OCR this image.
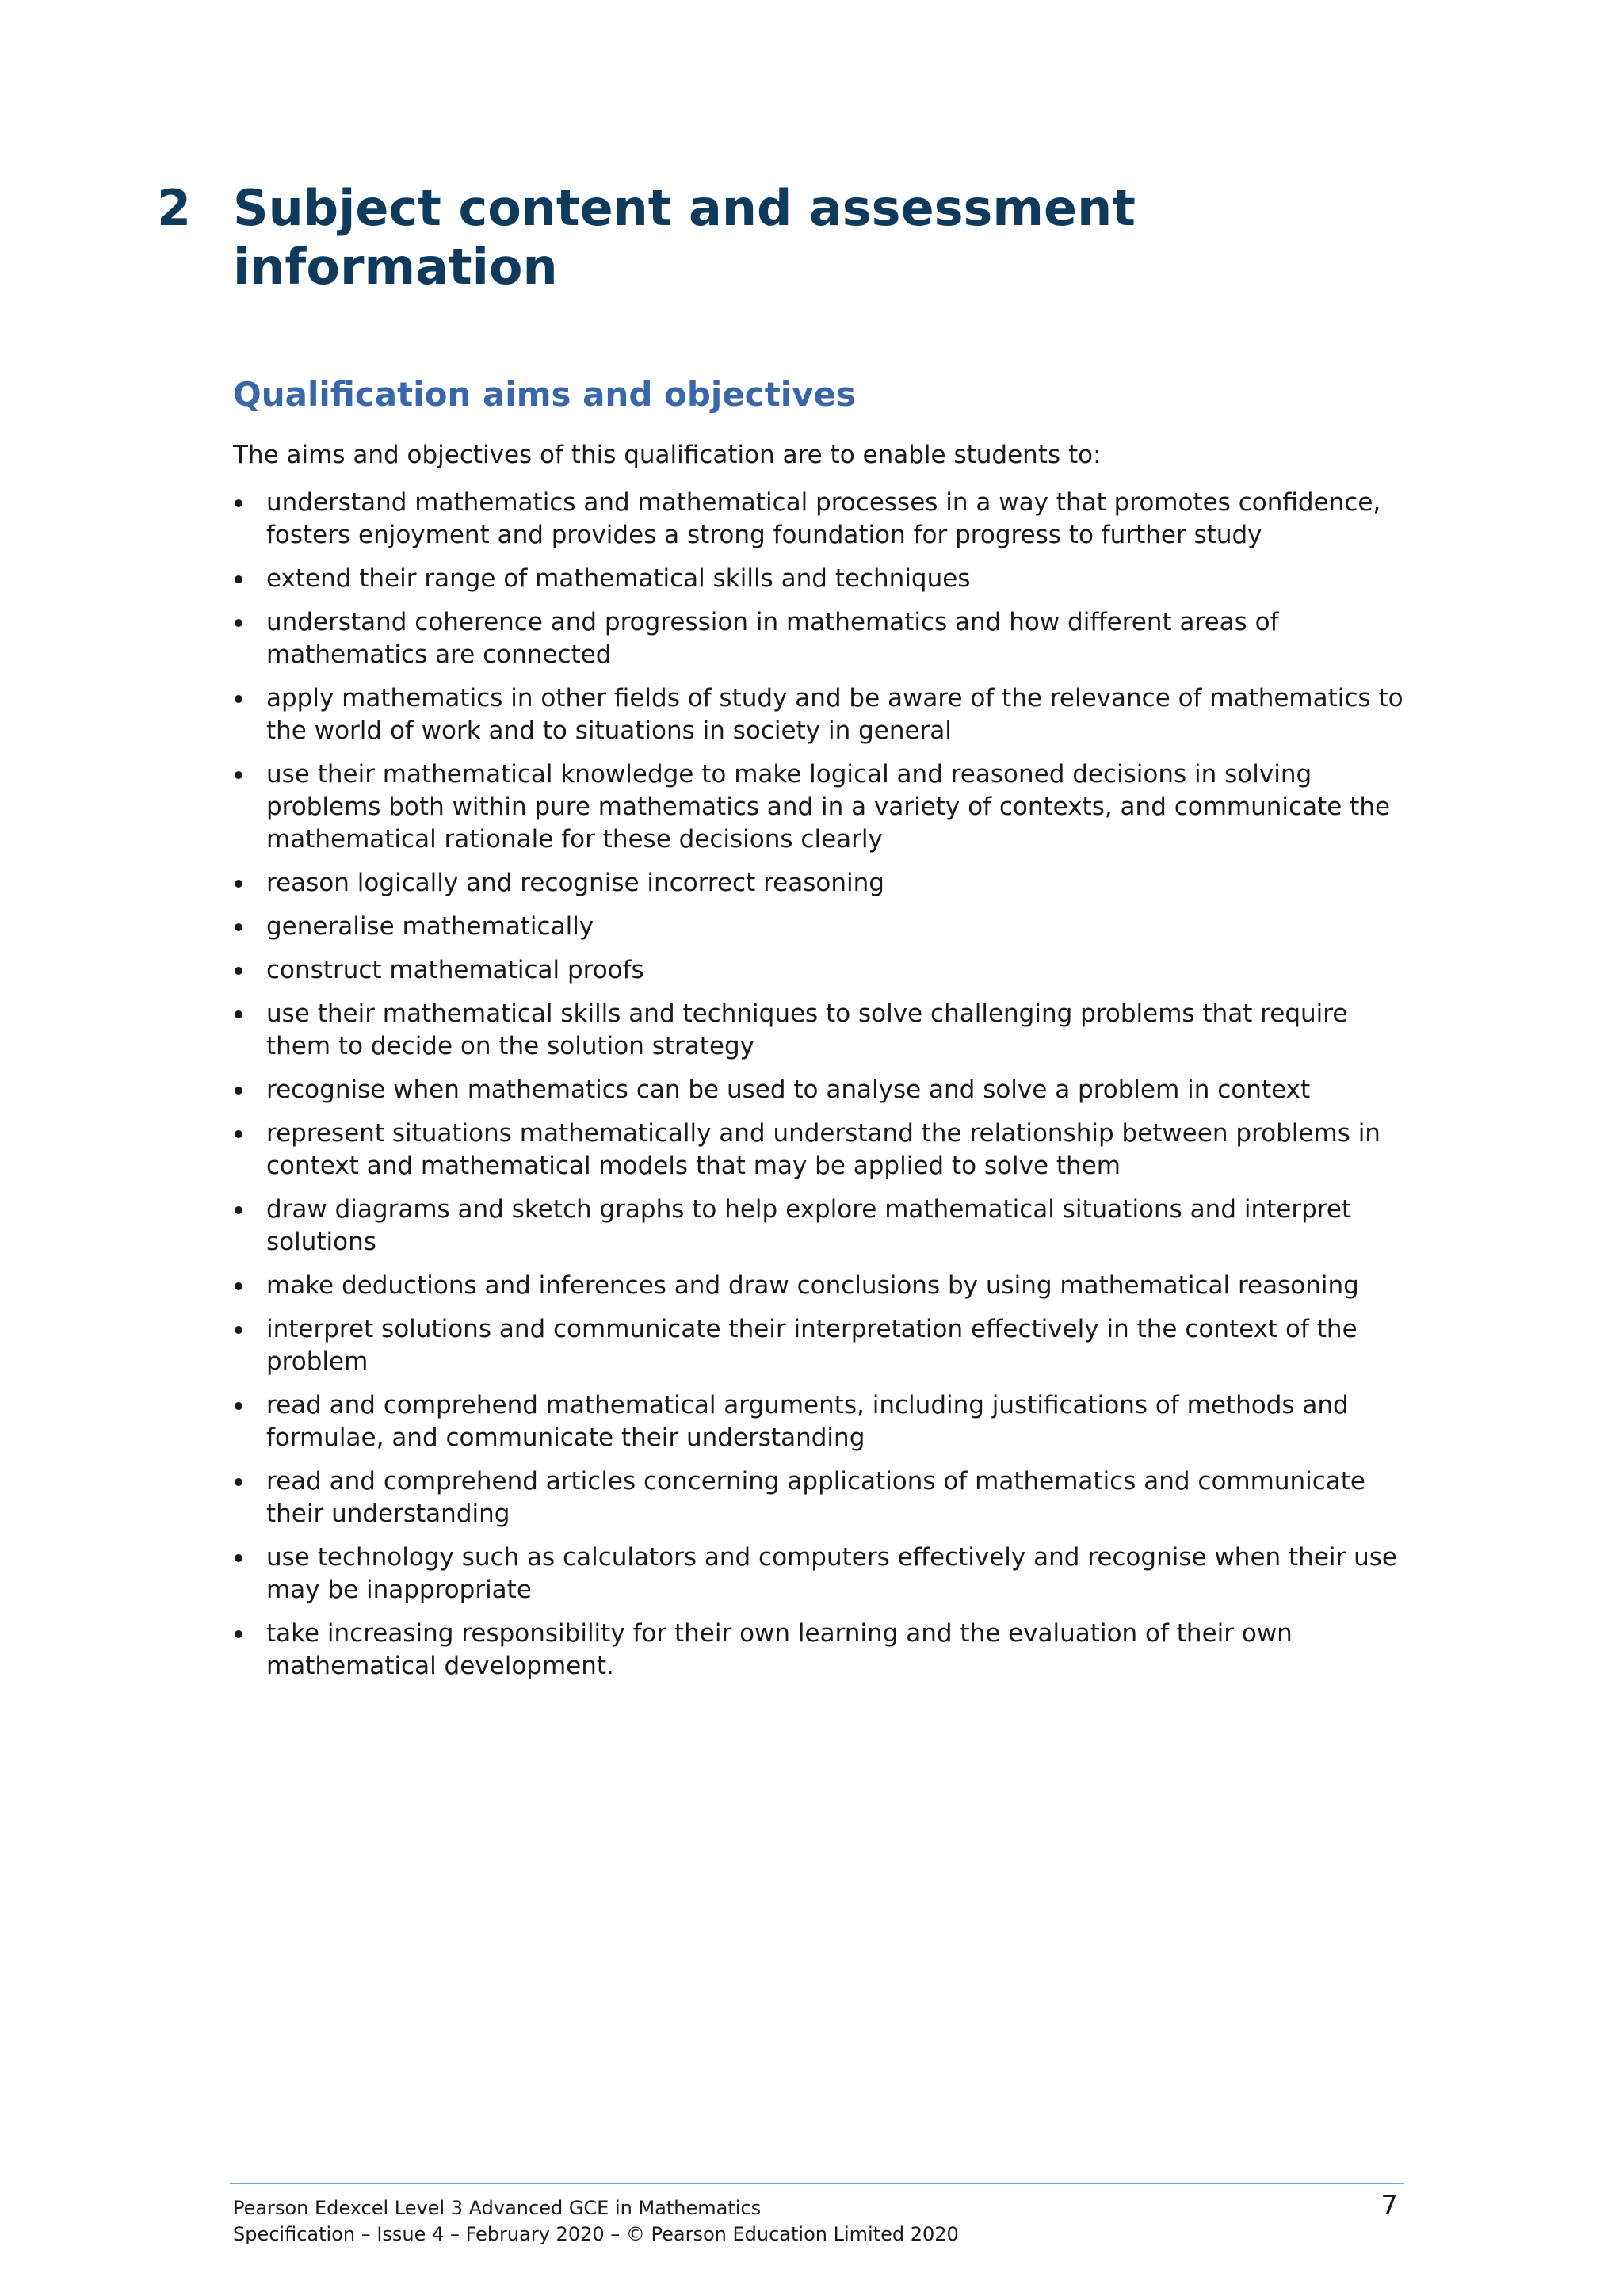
2 Subject content and assessment information
Qualification aims and objectives

The aims and objectives of this qualification are to enable students to:

understand mathematics and mathematical processes in a way that promotes confidence, fosters enjoyment and provides a strong foundation for progress to further study
extend their range of mathematical skills and techniques
understand coherence and progression in mathematics and how different areas of mathematics are connected
apply mathematics in other fields of study and be aware of the relevance of mathematics to the world of work and to situations in society in general
use their mathematical knowledge to make logical and reasoned decisions in solving problems both within pure mathematics and in a variety of contexts, and communicate the mathematical rationale for these decisions clearly
reason logically and recognise incorrect reasoning
generalise mathematically
construct mathematical proofs
use their mathematical skills and techniques to solve challenging problems that require them to decide on the solution strategy
recognise when mathematics can be used to analyse and solve a problem in context
represent situations mathematically and understand the relationship between problems in context and mathematical models that may be applied to solve them
draw diagrams and sketch graphs to help explore mathematical situations and interpret solutions
make deductions and inferences and draw conclusions by using mathematical reasoning
interpret solutions and communicate their interpretation effectively in the context of the problem
read and comprehend mathematical arguments, including justifications of methods and formulae, and communicate their understanding
read and comprehend articles concerning applications of mathematics and communicate their understanding
use technology such as calculators and computers effectively and recognise when their use may be inappropriate
take increasing responsibility for their own learning and the evaluation of their own mathematical development.
Pearson Edexcel Level 3 Advanced GCE in Mathematics
Specification – Issue 4 – February 2020 – © Pearson Education Limited 2020
7
